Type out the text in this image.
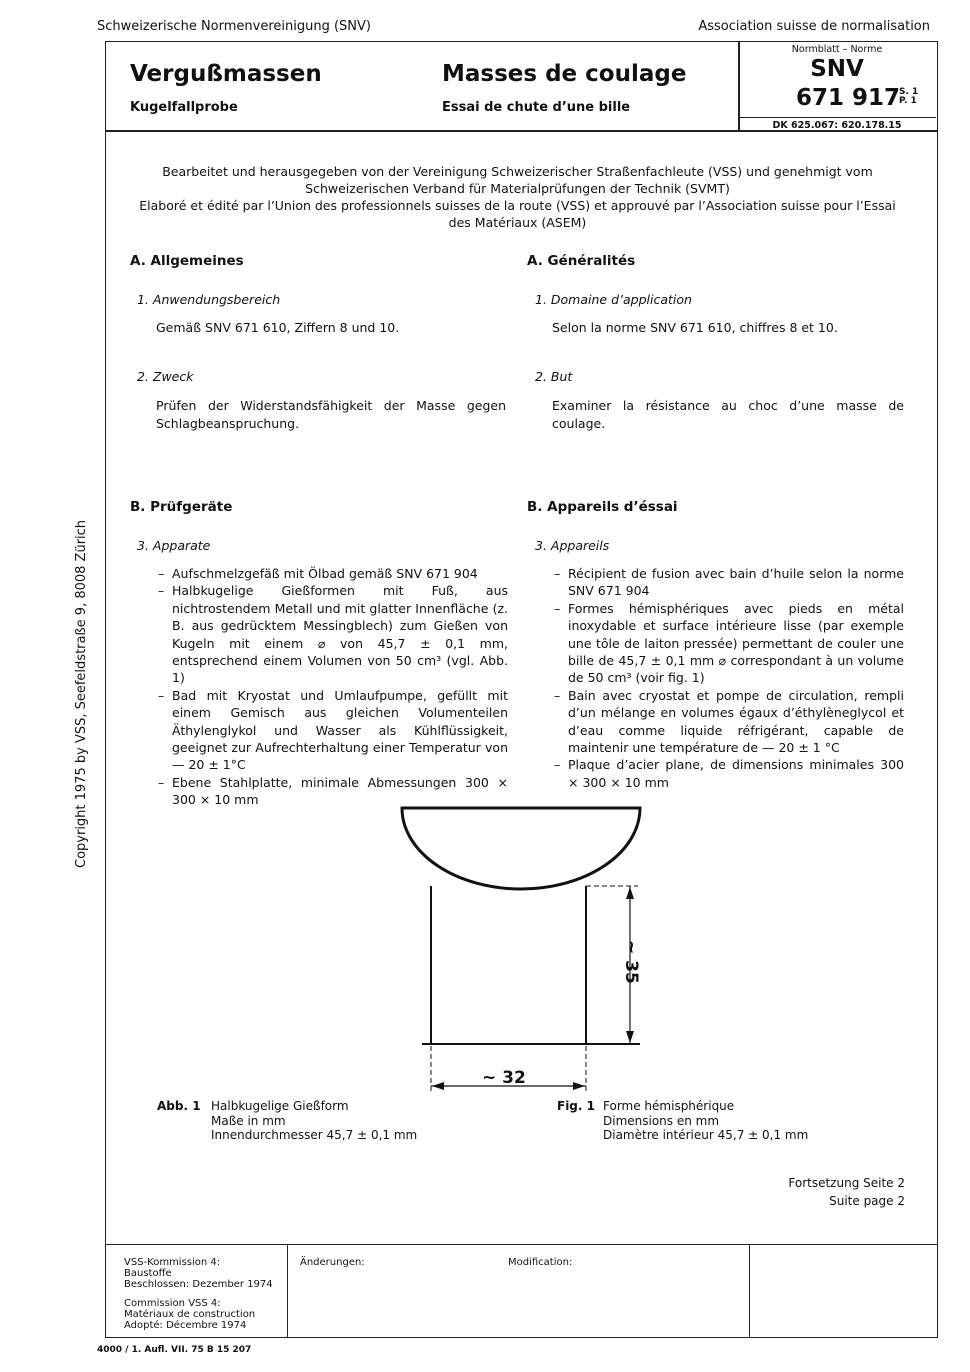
Schweizerische Normenvereinigung (SNV)	Association suisse de normalisation
Vergußmassen
Kugelfallprobe
Masses de coulage
Essai de chute d’une bille
Normblatt – Norme
SNV
671 917
S. 1
P. 1
DK 625.067: 620.178.15
Bearbeitet und herausgegeben von der Vereinigung Schweizerischer Straßenfachleute (VSS) und genehmigt vom Schweizerischen Verband für Materialprüfungen der Technik (SVMT)
Elaboré et édité par l’Union des professionnels suisses de la route (VSS) et approuvé par l’Association suisse pour l’Essai des Matériaux (ASEM)
A. Allgemeines
1. Anwendungsbereich
Gemäß SNV 671 610, Ziffern 8 und 10.
2. Zweck
Prüfen der Widerstandsfähigkeit der Masse gegen Schlagbeanspruchung.
B. Prüfgeräte
3. Apparate
– Aufschmelzgefäß mit Ölbad gemäß SNV 671 904
– Halbkugelige Gießformen mit Fuß, aus nichtrostendem Metall und mit glatter Innenfläche (z. B. aus gedrücktem Messingblech) zum Gießen von Kugeln mit einem ⌀ von 45,7 ± 0,1 mm, entsprechend einem Volumen von 50 cm³ (vgl. Abb. 1)
– Bad mit Kryostat und Umlaufpumpe, gefüllt mit einem Gemisch aus gleichen Volumenteilen Äthylenglykol und Wasser als Kühlflüssigkeit, geeignet zur Aufrechterhaltung einer Temperatur von — 20 ± 1°C
– Ebene Stahlplatte, minimale Abmessungen 300 × 300 × 10 mm
A. Généralités
1. Domaine d’application
Selon la norme SNV 671 610, chiffres 8 et 10.
2. But
Examiner la résistance au choc d’une masse de coulage.
B. Appareils d’éssai
3. Appareils
– Récipient de fusion avec bain d’huile selon la norme SNV 671 904
– Formes hémisphériques avec pieds en métal inoxydable et surface intérieure lisse (par exemple une tôle de laiton pressée) permettant de couler une bille de 45,7 ± 0,1 mm ⌀ correspondant à un volume de 50 cm³ (voir fig. 1)
– Bain avec cryostat et pompe de circulation, rempli d’un mélange en volumes égaux d’éthylèneglycol et d’eau comme liquide réfrigérant, capable de maintenir une température de — 20 ± 1 °C
– Plaque d’acier plane, de dimensions minimales 300 × 300 × 10 mm
~ 35
~ 32
Abb. 1 Halbkugelige Gießform
Maße in mm
Innendurchmesser 45,7 ± 0,1 mm
Fig. 1 Forme hémisphérique
Dimensions en mm
Diamètre intérieur 45,7 ± 0,1 mm
Fortsetzung Seite 2
Suite page 2
VSS-Kommission 4:
Baustoffe
Beschlossen: Dezember 1974
Commission VSS 4:
Matériaux de construction
Adopté: Décembre 1974
Änderungen:	Modification:
Copyright 1975 by VSS, Seefeldstraße 9, 8008 Zürich
4000 / 1. Aufl. VII. 75 B 15 207
